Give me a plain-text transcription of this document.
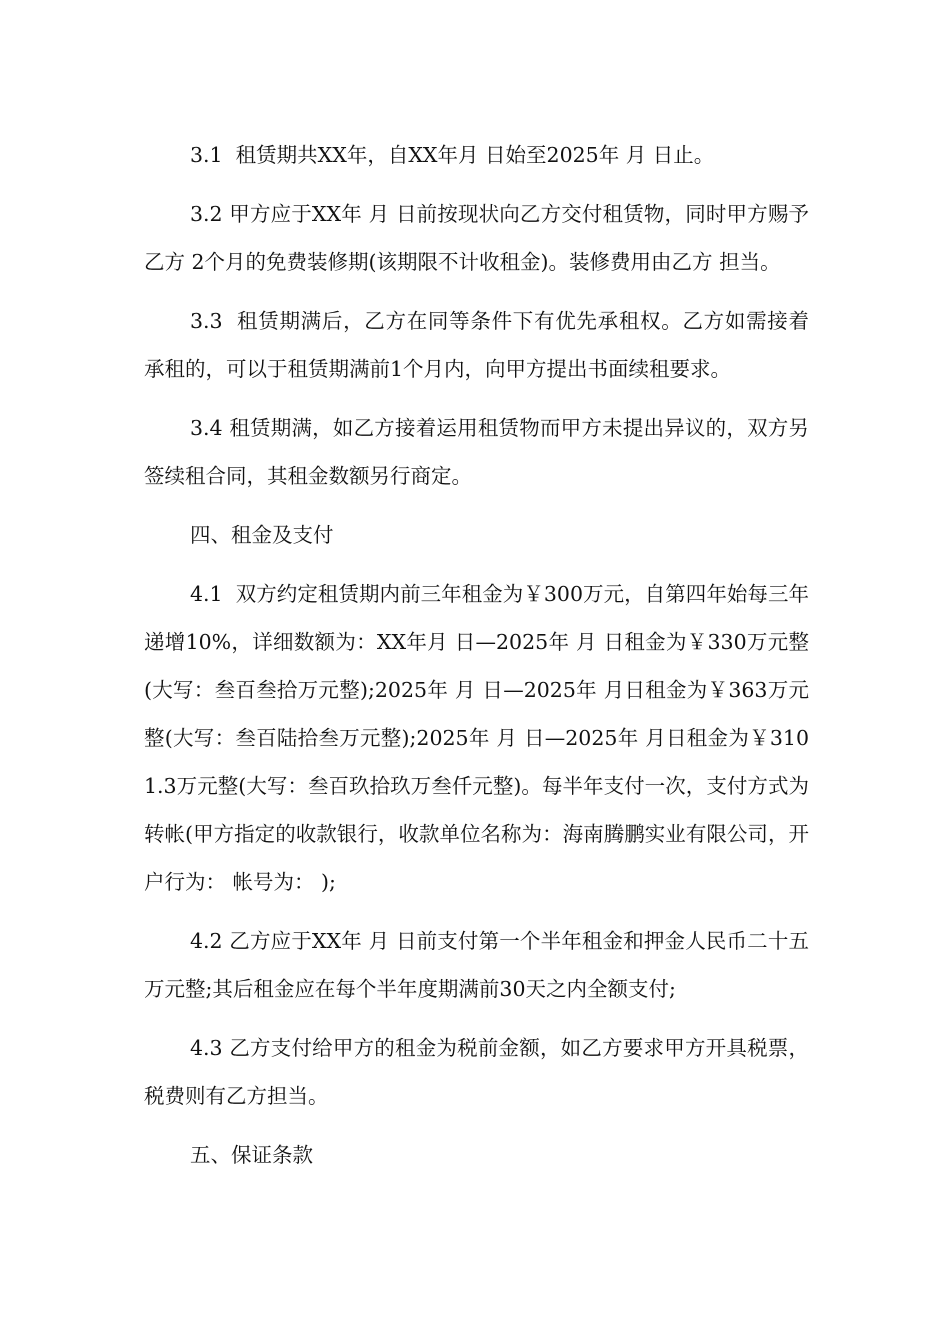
3.1  租赁期共XX年，自XX年月 日始至2025年 月 日止。

3.2 甲方应于XX年 月 日前按现状向乙方交付租赁物，同时甲方赐予乙方 2个月的免费装修期(该期限不计收租金)。装修费用由乙方 担当。

3.3  租赁期满后，乙方在同等条件下有优先承租权。乙方如需接着承租的，可以于租赁期满前1个月内，向甲方提出书面续租要求。

3.4 租赁期满，如乙方接着运用租赁物而甲方未提出异议的，双方另签续租合同，其租金数额另行商定。

四、租金及支付

4.1  双方约定租赁期内前三年租金为￥300万元，自第四年始每三年递增10%，详细数额为：XX年月 日—2025年 月 日租金为￥330万元整(大写：叁百叁拾万元整);2025年 月 日—2025年 月日租金为￥363万元整(大写：叁百陆拾叁万元整);2025年 月 日—2025年 月日租金为￥3101.3万元整(大写：叁百玖拾玖万叁仟元整)。每半年支付一次，支付方式为转帐(甲方指定的收款银行，收款单位名称为：海南腾鹏实业有限公司，开户行为： 帐号为： );

4.2 乙方应于XX年 月 日前支付第一个半年租金和押金人民币二十五万元整;其后租金应在每个半年度期满前30天之内全额支付;

4.3 乙方支付给甲方的租金为税前金额，如乙方要求甲方开具税票，税费则有乙方担当。

五、保证条款
